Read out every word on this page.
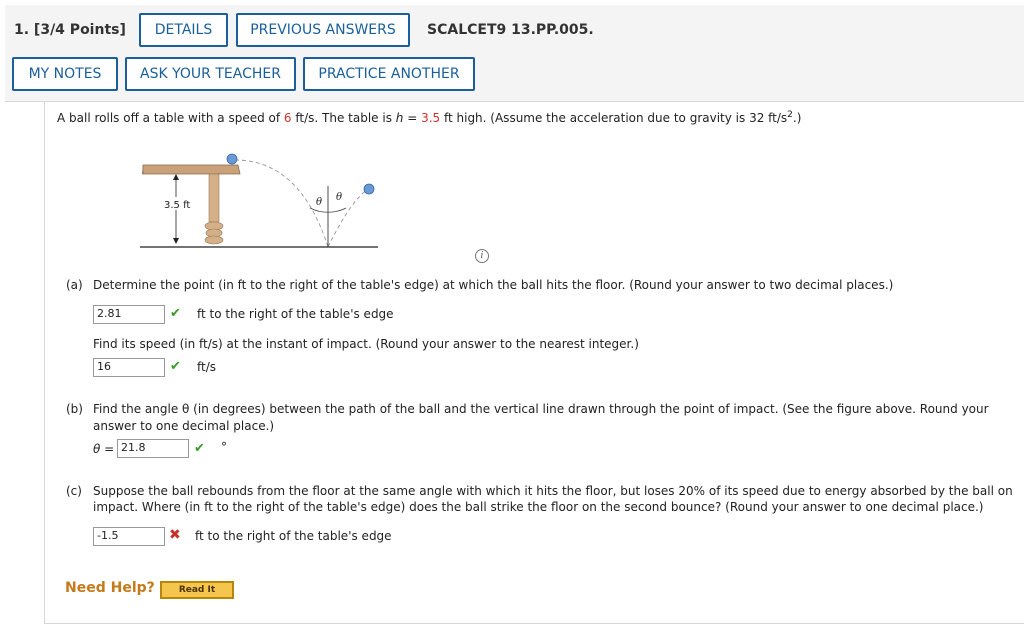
1. [3/4 Points]	DETAILS	PREVIOUS ANSWERS	SCALCET9 13.PP.005.
MY NOTES	ASK YOUR TEACHER	PRACTICE ANOTHER
A ball rolls off a table with a speed of 6 ft/s. The table is h = 3.5 ft high. (Assume the acceleration due to gravity is 32 $ft/s^2$.)
3.5 ft	θ θ
i
(a) Determine the point (in ft to the right of the table's edge) at which the ball hits the floor. (Round your answer to two decimal places.)
2.81	✔ ft to the right of the table's edge
Find its speed (in ft/s) at the instant of impact. (Round your answer to the nearest integer.)
16	✔ ft/s
(b) Find the angle θ (in degrees) between the path of the ball and the vertical line drawn through the point of impact. (See the figure above. Round your
answer to one decimal place.)
θ = 21.8	✔ °
(c) Suppose the ball rebounds from the floor at the same angle with which it hits the floor, but loses 20% of its speed due to energy absorbed by the ball on
impact. Where (in ft to the right of the table's edge) does the ball strike the floor on the second bounce? (Round your answer to one decimal place.)
-1.5	✖ ft to the right of the table's edge
Need Help?	Read It
